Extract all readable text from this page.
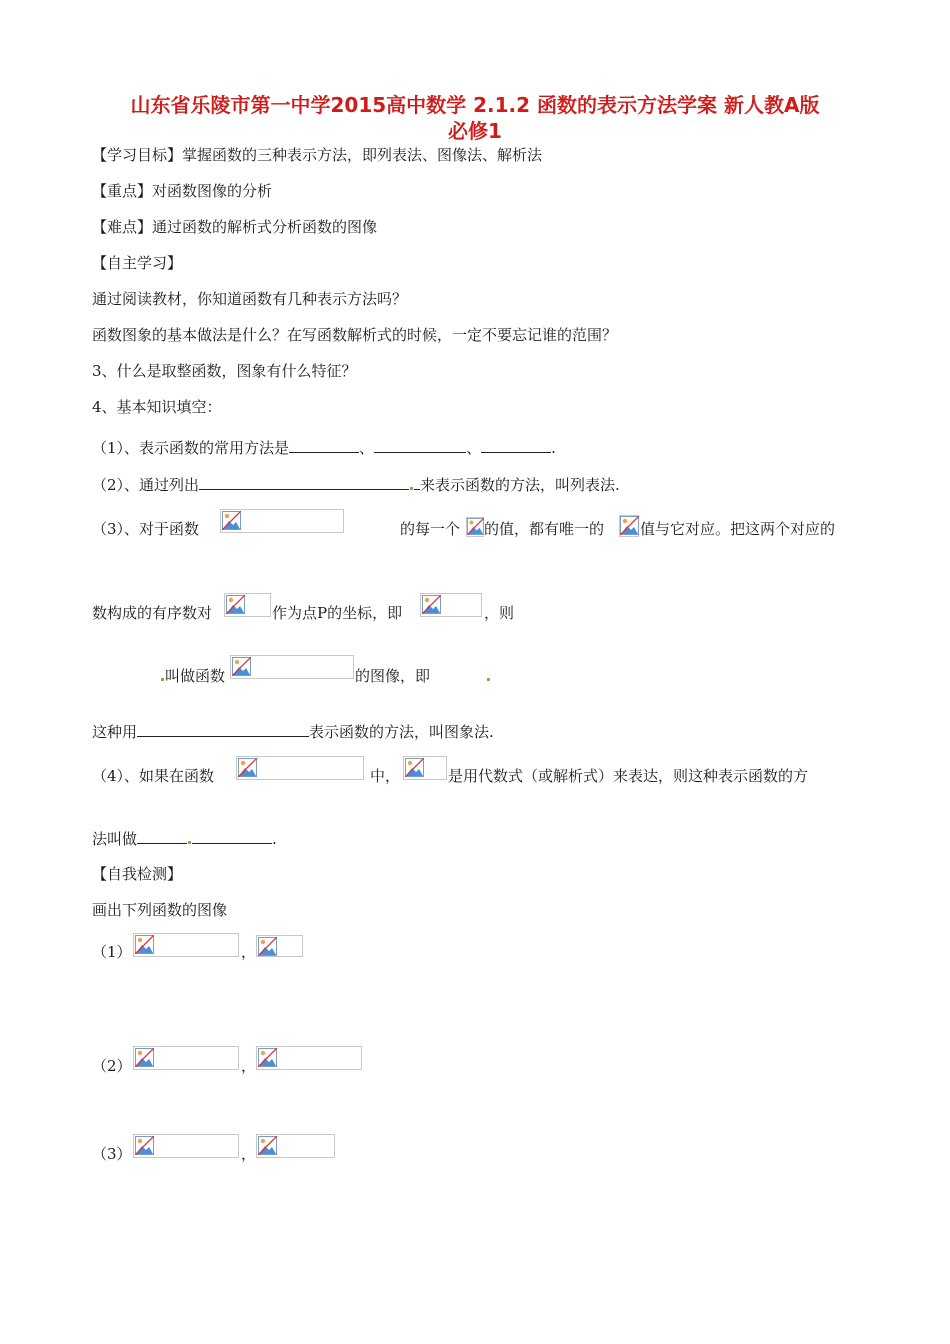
山东省乐陵市第一中学2015高中数学 2.1.2 函数的表示方法学案 新人教A版
必修1
【学习目标】掌握函数的三种表示方法，即列表法、图像法、解析法
【重点】对函数图像的分析
【难点】通过函数的解析式分析函数的图像
【自主学习】
通过阅读教材，你知道函数有几种表示方法吗？
函数图象的基本做法是什么？在写函数解析式的时候，一定不要忘记谁的范围？
3、什么是取整函数，图象有什么特征？
4、基本知识填空：
（1）、表示函数的常用方法是	、	、	.
（2）、通过列出	来表示函数的方法，叫列表法.
（3）、对于函数	的每一个 的值，都有唯一的 值与它对应。把这两个对应的
数构成的有序数对	作为点P的坐标，即	，则
叫做函数	的图像，即
这种用	表示函数的方法，叫图象法.
（4）、如果在函数	中，	是用代数式（或解析式）来表达，则这种表示函数的方
法叫做	.
【自我检测】
画出下列函数的图像
（1）	，
（2）	，
（3）	，
